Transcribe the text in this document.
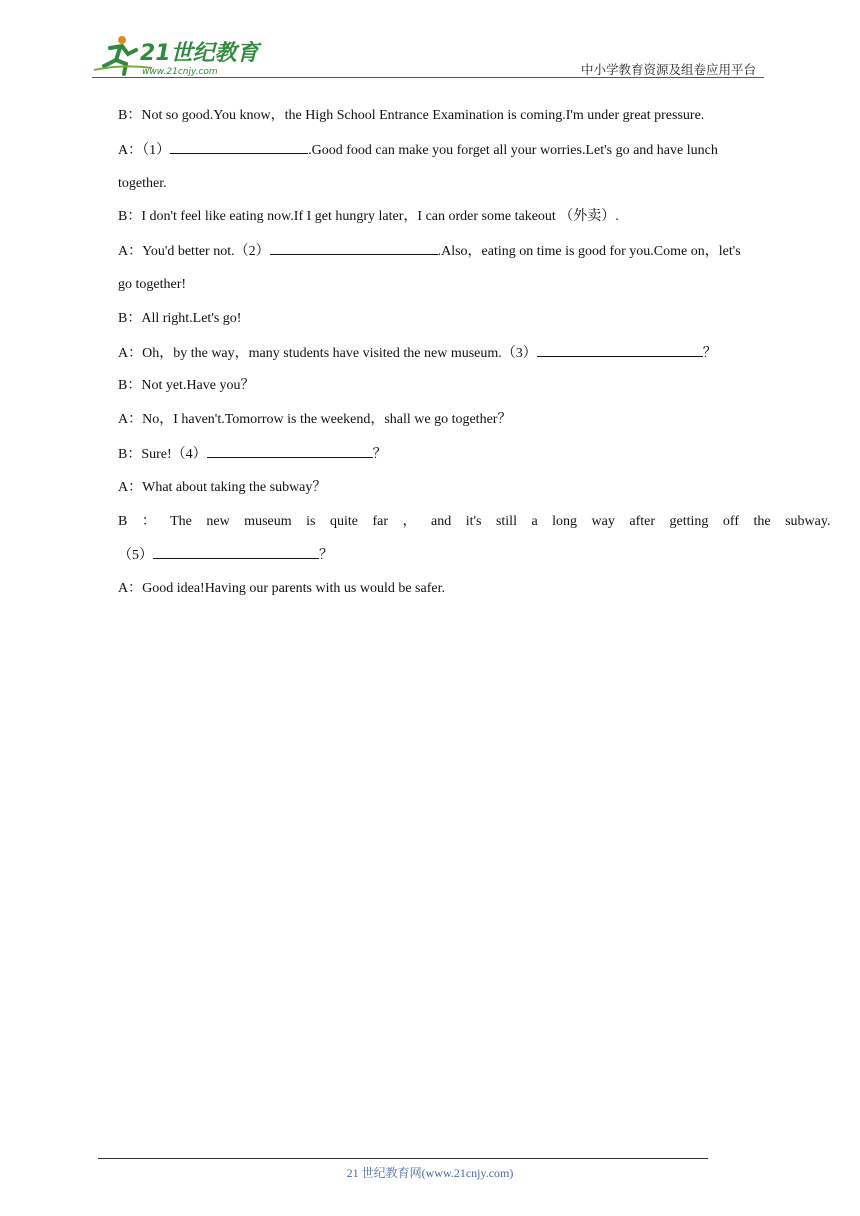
21世纪教育
www.21cnjy.com	中小学教育资源及组卷应用平台
B：Not so good.You know，the High School Entrance Examination is coming.I'm under great pressure.
A：（1）	.Good food can make you forget all your worries.Let's go and have lunch
together.
B：I don't feel like eating now.If I get hungry later，I can order some takeout （外卖）.
A：You'd better not.（2）	.Also，eating on time is good for you.Come on，let's
go together!
B：All right.Let's go!
A：Oh，by the way，many students have visited the new museum.（3）	？
B：Not yet.Have you？
A：No，I haven't.Tomorrow is the weekend，shall we go together？
B：Sure!（4）	？
A：What about taking the subway？
B ： The new museum is quite far ， and it's still a long way after getting off the subway.
（5）	？
A：Good idea!Having our parents with us would be safer.
21 世纪教育网(www.21cnjy.com)
